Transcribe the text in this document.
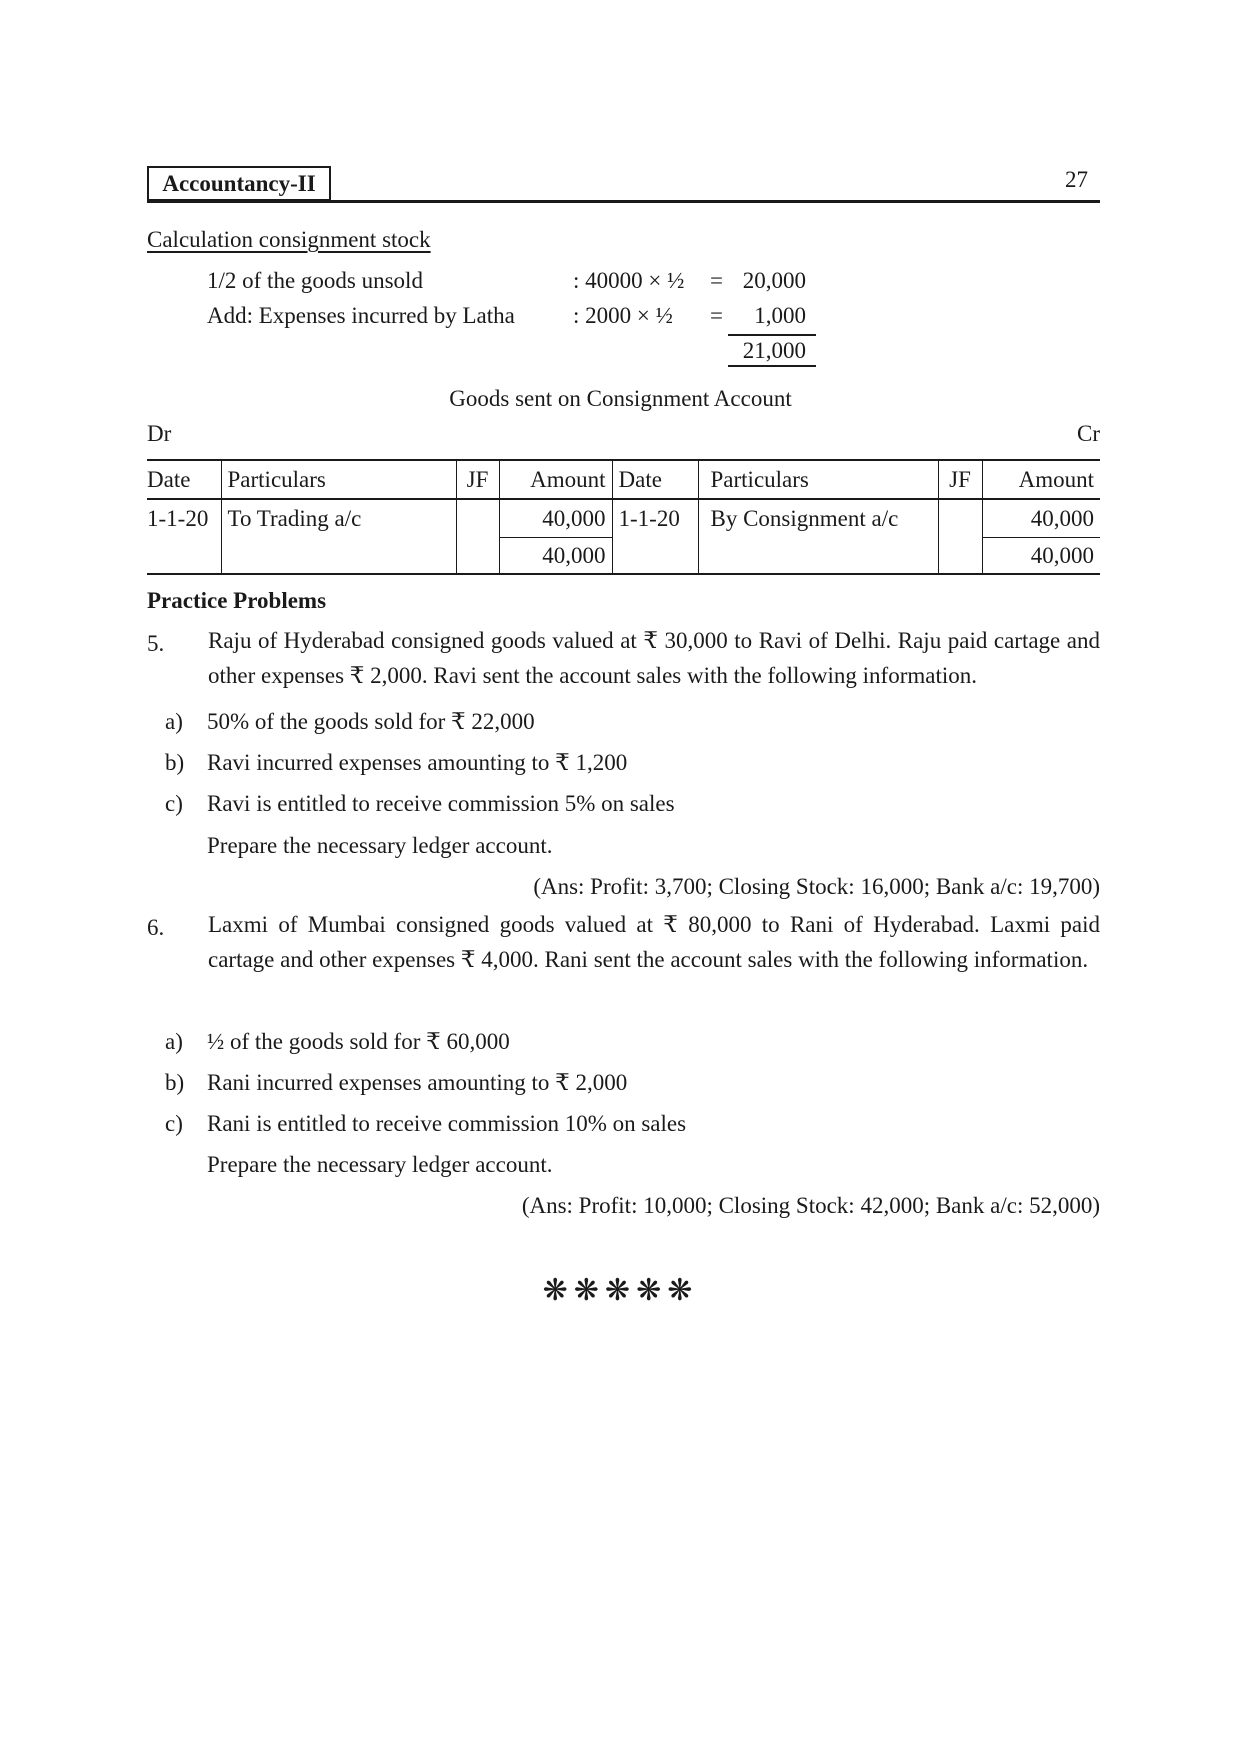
Accountancy-II	27
Calculation consignment stock
1/2 of the goods unsold	: 40000 × ½ = 20,000
Add: Expenses incurred by Latha	: 2000 × ½ = 1,000
21,000
Goods sent on Consignment Account
Dr	Cr
Date	Particulars	JF	Amount	Date	Particulars	JF	Amount
1-1-20	To Trading a/c		40,000	1-1-20	By Consignment a/c		40,000
			40,000				40,000
Practice Problems
5. Raju of Hyderabad consigned goods valued at ₹ 30,000 to Ravi of Delhi. Raju paid cartage and other expenses ₹ 2,000. Ravi sent the account sales with the following information.
a) 50% of the goods sold for ₹ 22,000
b) Ravi incurred expenses amounting to ₹ 1,200
c) Ravi is entitled to receive commission 5% on sales
Prepare the necessary ledger account.
(Ans: Profit: 3,700; Closing Stock: 16,000; Bank a/c: 19,700)
6. Laxmi of Mumbai consigned goods valued at ₹ 80,000 to Rani of Hyderabad. Laxmi paid cartage and other expenses ₹ 4,000. Rani sent the account sales with the following information.
a) ½ of the goods sold for ₹ 60,000
b) Rani incurred expenses amounting to ₹ 2,000
c) Rani is entitled to receive commission 10% on sales
Prepare the necessary ledger account.
(Ans: Profit: 10,000; Closing Stock: 42,000; Bank a/c: 52,000)
❋❋❋❋❋
